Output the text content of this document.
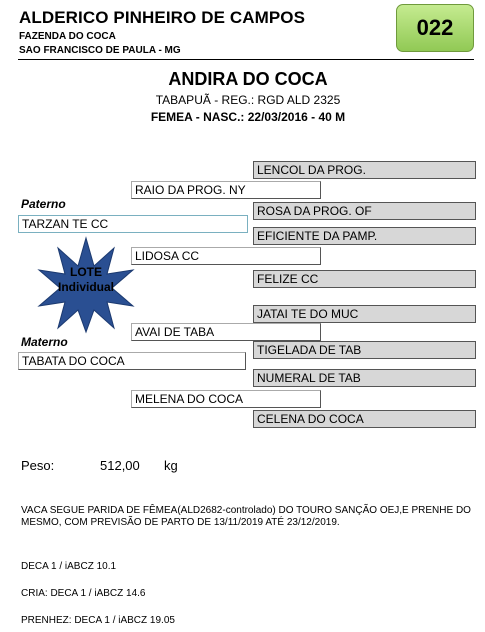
ALDERICO PINHEIRO DE CAMPOS
FAZENDA DO COCA
SAO FRANCISCO DE PAULA - MG
022
ANDIRA DO COCA
TABAPUÃ - REG.: RGD ALD 2325
FEMEA - NASC.: 22/03/2016 - 40 M
LENCOL DA PROG.
RAIO DA PROG. NY
Paterno	ROSA DA PROG. OF
TARZAN TE CC
EFICIENTE DA PAMP.
LIDOSA CC
FELIZE CC
LOTE
Individual
JATAI TE DO MUC
AVAI DE TABA
Materno
TIGELADA DE TAB
TABATA DO COCA
NUMERAL DE TAB
MELENA DO COCA
CELENA DO COCA
Peso:	512,00 kg
VACA SEGUE PARIDA DE FÊMEA(ALD2682-controlado) DO TOURO SANÇÃO OEJ,E PRENHE DO MESMO, COM PREVISÃO DE PARTO DE 13/11/2019 ATÉ 23/12/2019.
DECA 1 / iABCZ 10.1
CRIA: DECA 1 / iABCZ 14.6
PRENHEZ: DECA 1 / iABCZ 19.05
